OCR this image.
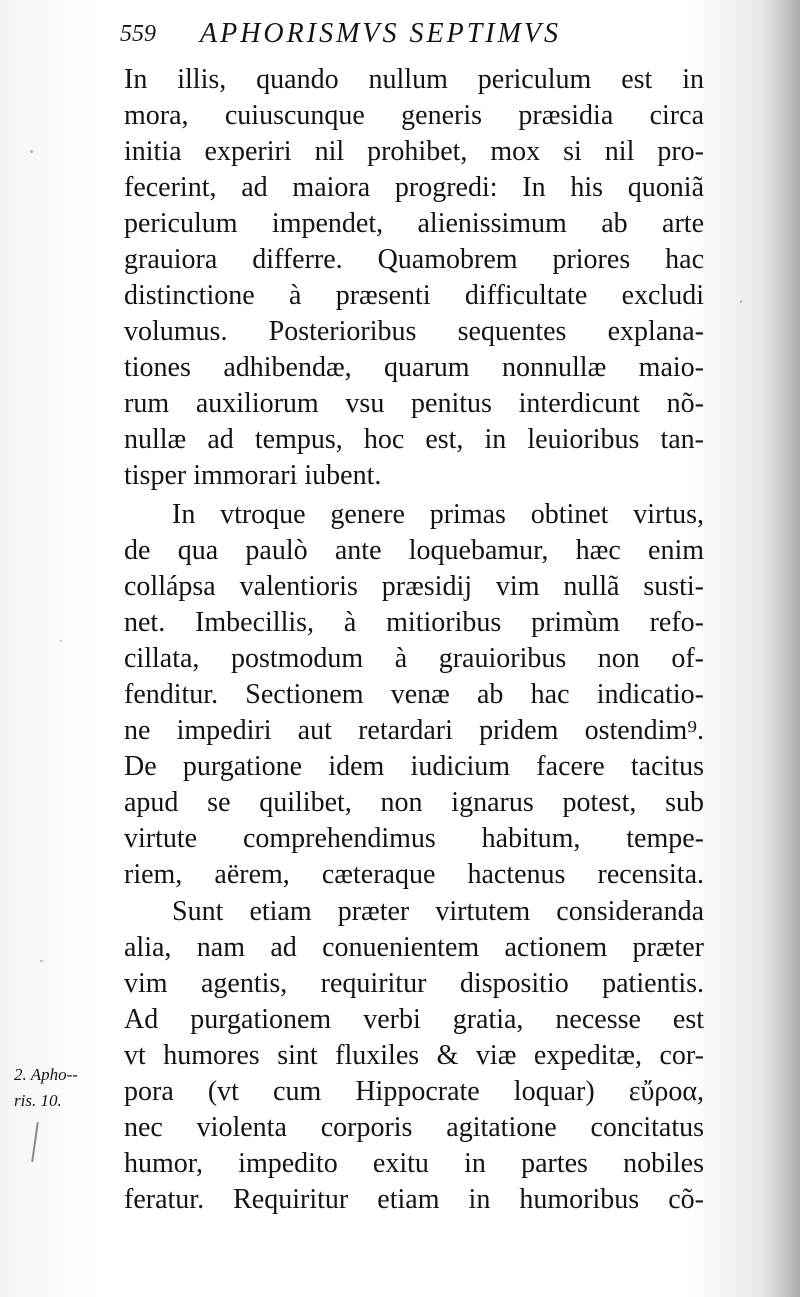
559 APHORISMVS SEPTIMVS
In illis, quando nullum periculum est in
mora, cuiuscunque generis præsidia circa
initia experiri nil prohibet, mox si nil pro-
fecerint, ad maiora progredi: In his quoniã
periculum impendet, alienissimum ab arte
grauiora differre. Quamobrem priores hac
distinctione à præsenti difficultate excludi
volumus. Posterioribus sequentes explana-
tiones adhibendæ, quarum nonnullæ maio-
rum auxiliorum vsu penitus interdicunt nõ-
nullæ ad tempus, hoc est, in leuioribus tan-
tisper immorari iubent.
In vtroque genere primas obtinet virtus,
de qua paulò ante loquebamur, hæc enim
collápsa valentioris præsidij vim nullã susti-
net. Imbecillis, à mitioribus primùm refo-
cillata, postmodum à grauioribus non of-
fenditur. Sectionem venæ ab hac indicatio-
ne impediri aut retardari pridem ostendim⁹.
De purgatione idem iudicium facere tacitus
apud se quilibet, non ignarus potest, sub
virtute comprehendimus habitum, tempe-
riem, aërem, cæteraque hactenus recensita.
Sunt etiam præter virtutem consideranda
alia, nam ad conuenientem actionem præter
vim agentis, requiritur dispositio patientis.
Ad purgationem verbi gratia, necesse est
vt humores sint fluxiles & viæ expeditæ, cor-
pora (vt cum Hippocrate loquar) εὔροα,
nec violenta corporis agitatione concitatus
humor, impedito exitu in partes nobiles
feratur. Requiritur etiam in humoribus cõ-
2. Apho--
ris. 10.
